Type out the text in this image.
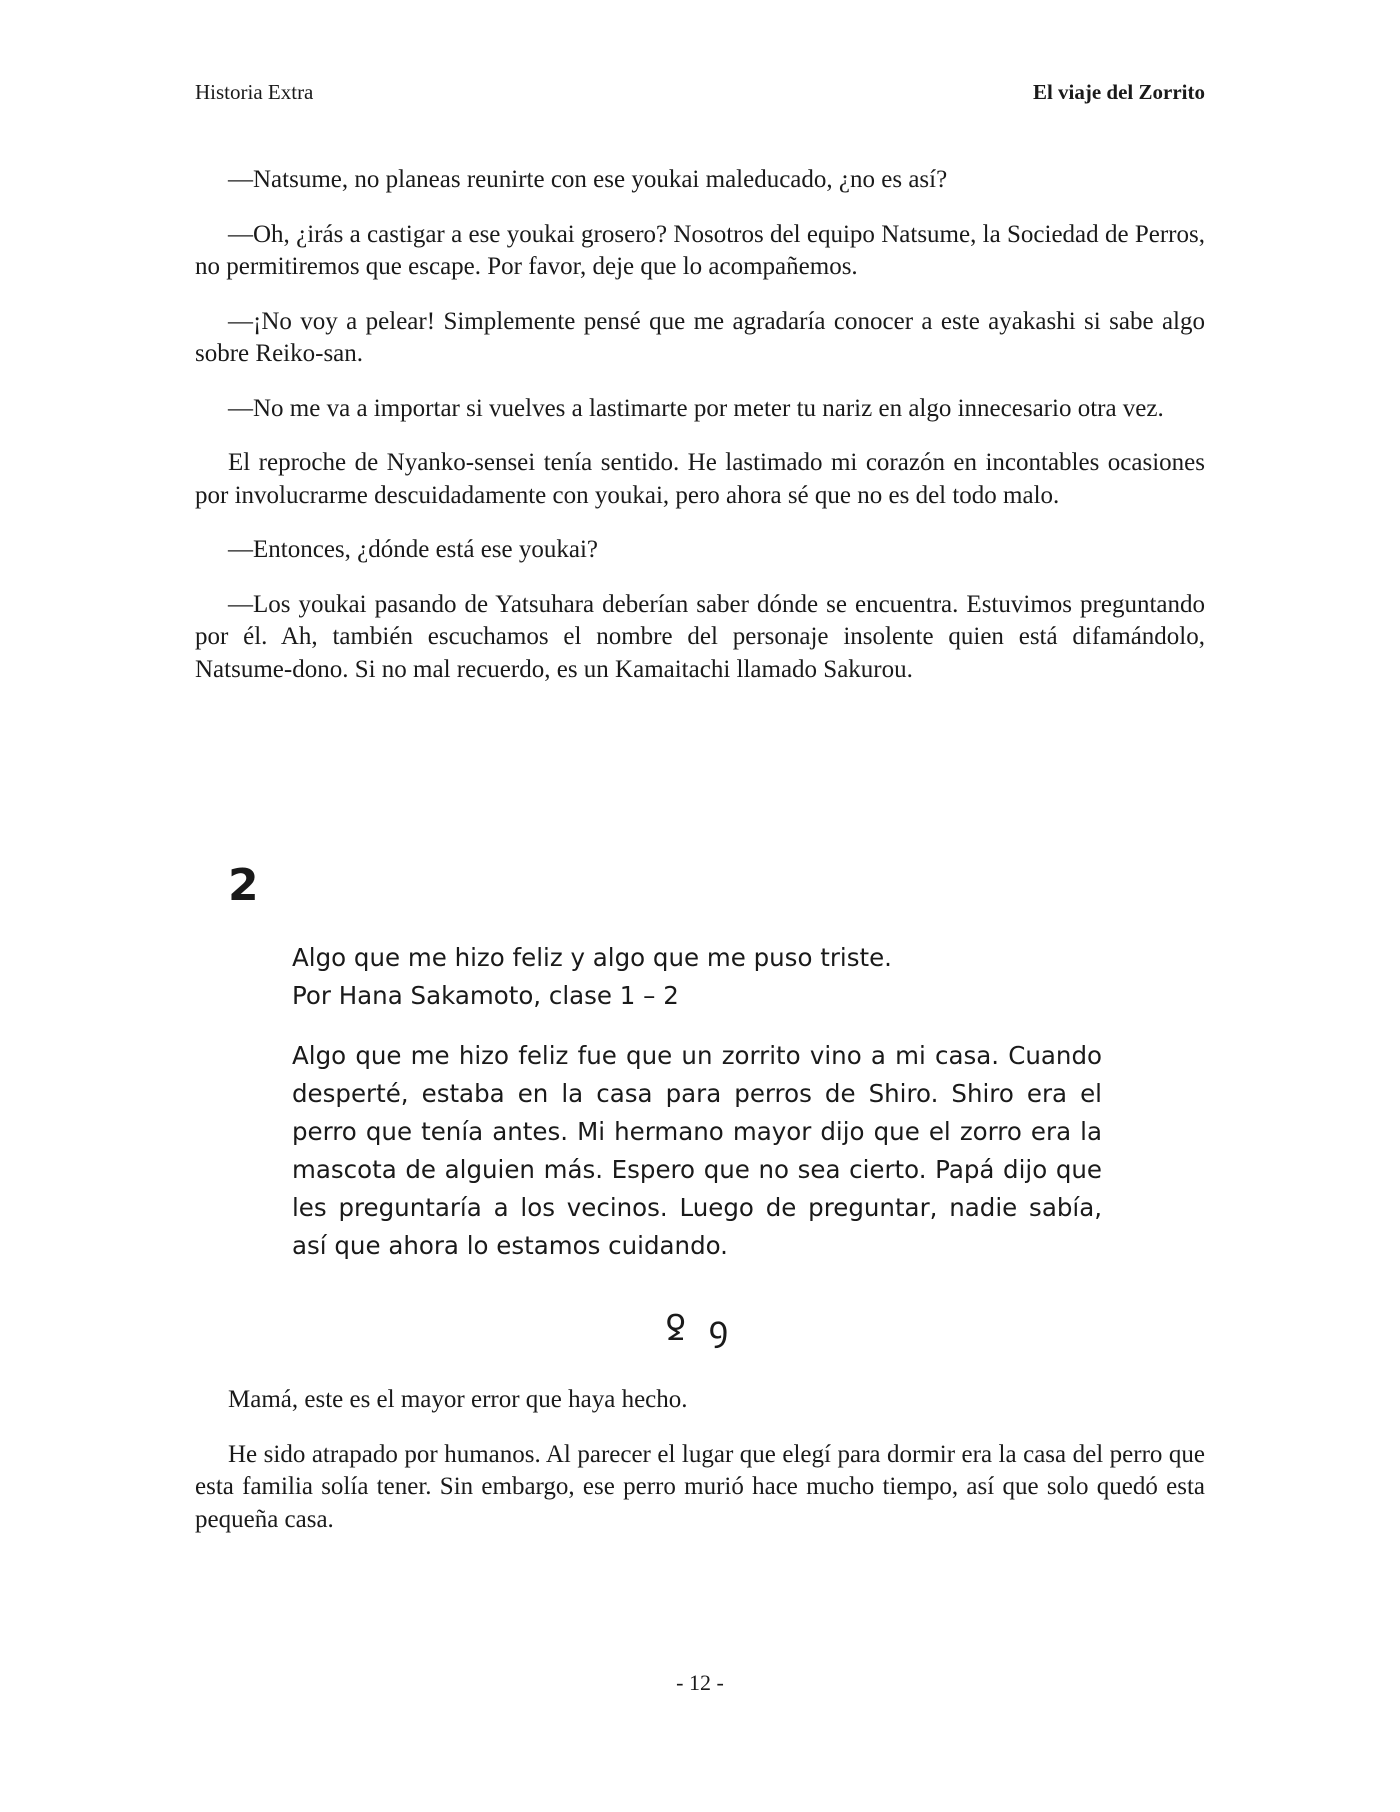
Historia Extra	El viaje del Zorrito

—Natsume, no planeas reunirte con ese youkai maleducado, ¿no es así?

—Oh, ¿irás a castigar a ese youkai grosero? Nosotros del equipo Natsume, la Sociedad de Perros, no permitiremos que escape. Por favor, deje que lo acompañemos.

—¡No voy a pelear! Simplemente pensé que me agradaría conocer a este ayakashi si sabe algo sobre Reiko-san.

—No me va a importar si vuelves a lastimarte por meter tu nariz en algo innecesario otra vez.

El reproche de Nyanko-sensei tenía sentido. He lastimado mi corazón en incontables ocasiones por involucrarme descuidadamente con youkai, pero ahora sé que no es del todo malo.

—Entonces, ¿dónde está ese youkai?

—Los youkai pasando de Yatsuhara deberían saber dónde se encuentra. Estuvimos preguntando por él. Ah, también escuchamos el nombre del personaje insolente quien está difamándolo, Natsume-dono. Si no mal recuerdo, es un Kamaitachi llamado Sakurou.

2

Algo que me hizo feliz y algo que me puso triste.

Por Hana Sakamoto, clase 1 – 2

Algo que me hizo feliz fue que un zorrito vino a mi casa. Cuando desperté, estaba en la casa para perros de Shiro. Shiro era el perro que tenía antes. Mi hermano mayor dijo que el zorro era la mascota de alguien más. Espero que no sea cierto. Papá dijo que les preguntaría a los vecinos. Luego de preguntar, nadie sabía, así que ahora lo estamos cuidando.

ꝿ ꝯ

Mamá, este es el mayor error que haya hecho.

He sido atrapado por humanos. Al parecer el lugar que elegí para dormir era la casa del perro que esta familia solía tener. Sin embargo, ese perro murió hace mucho tiempo, así que solo quedó esta pequeña casa.

- 12 -
